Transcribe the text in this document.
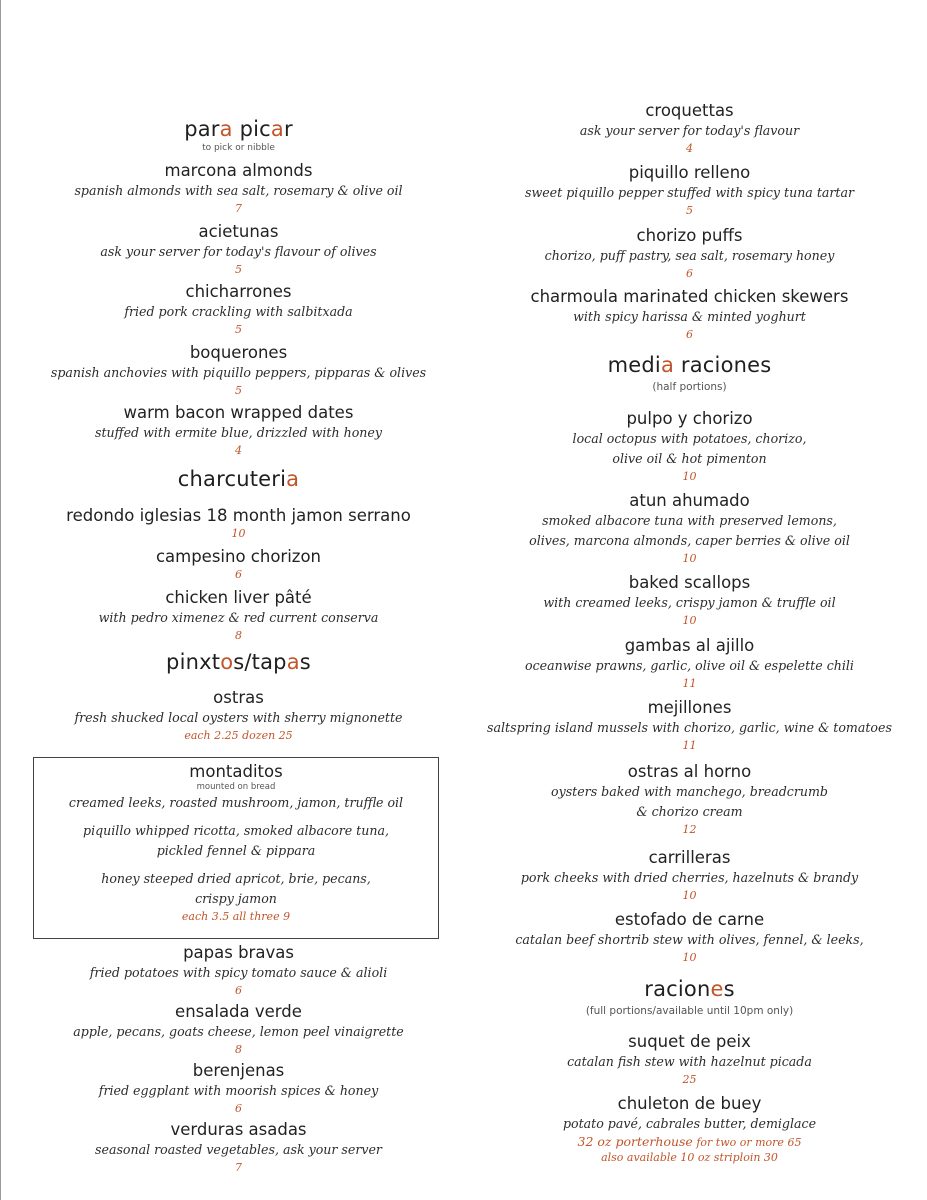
para picar
to pick or nibble
marcona almonds
spanish almonds with sea salt, rosemary & olive oil
7
acietunas
ask your server for today's flavour of olives
5
chicharrones
fried pork crackling with salbitxada
5
boquerones
spanish anchovies with piquillo peppers, pipparas & olives
5
warm bacon wrapped dates
stuffed with ermite blue, drizzled with honey
4
charcuteria
redondo iglesias 18 month jamon serrano
10
campesino chorizon
6
chicken liver pâté
with pedro ximenez & red current conserva
8
pinxtos/tapas
ostras
fresh shucked local oysters with sherry mignonette
each 2.25 dozen 25
montaditos
mounted on bread
creamed leeks, roasted mushroom, jamon, truffle oil
piquillo whipped ricotta, smoked albacore tuna,
pickled fennel & pippara
honey steeped dried apricot, brie, pecans,
crispy jamon
each 3.5 all three 9
papas bravas
fried potatoes with spicy tomato sauce & alioli
6
ensalada verde
apple, pecans, goats cheese, lemon peel vinaigrette
8
berenjenas
fried eggplant with moorish spices & honey
6
verduras asadas
seasonal roasted vegetables, ask your server
7
croquettas
ask your server for today's flavour
4
piquillo relleno
sweet piquillo pepper stuffed with spicy tuna tartar
5
chorizo puffs
chorizo, puff pastry, sea salt, rosemary honey
6
charmoula marinated chicken skewers
with spicy harissa & minted yoghurt
6
media raciones
(half portions)
pulpo y chorizo
local octopus with potatoes, chorizo,
olive oil & hot pimenton
10
atun ahumado
smoked albacore tuna with preserved lemons,
olives, marcona almonds, caper berries & olive oil
10
baked scallops
with creamed leeks, crispy jamon & truffle oil
10
gambas al ajillo
oceanwise prawns, garlic, olive oil & espelette chili
11
mejillones
saltspring island mussels with chorizo, garlic, wine & tomatoes
11
ostras al horno
oysters baked with manchego, breadcrumb
& chorizo cream
12
carrilleras
pork cheeks with dried cherries, hazelnuts & brandy
10
estofado de carne
catalan beef shortrib stew with olives, fennel, & leeks,
10
raciones
(full portions/available until 10pm only)
suquet de peix
catalan fish stew with hazelnut picada
25
chuleton de buey
potato pavé, cabrales butter, demiglace
32 oz porterhouse for two or more 65
also available 10 oz striploin 30
